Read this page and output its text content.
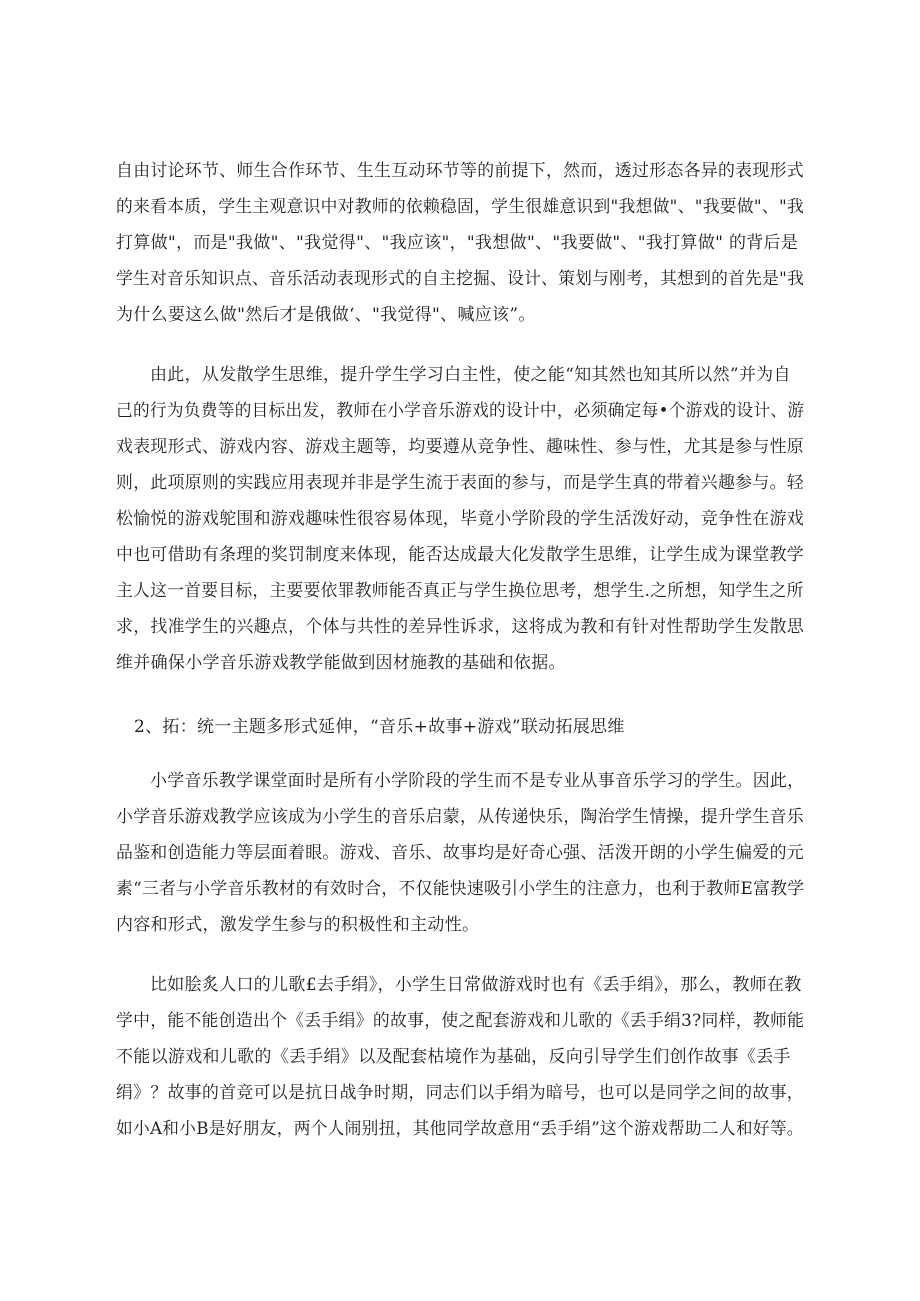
自由讨论环节、师生合作环节、生生互动环节等的前提下，然而，透过形态各异的表现形式
的来看本质，学生主观意识中对教师的依赖稳固，学生很雄意识到"我想做"、"我要做"、"我
打算做"，而是"我做"、"我觉得"、"我应该"，"我想做"、"我要做"、"我打算做" 的背后是
学生对音乐知识点、音乐活动表现形式的自主挖掘、设计、策划与刚考，其想到的首先是"我
为什么要这么做"然后才是俄做‘、"我觉得"、喊应该”。
由此，从发散学生思维，提升学生学习白主性，使之能“知其然也知其所以然”并为自
己的行为负费等的目标出发，教师在小学音乐游戏的设计中，必须确定每•个游戏的设计、游
戏表现形式、游戏内容、游戏主题等，均要遵从竞争性、趣味性、参与性，尤其是参与性原
则，此项原则的实践应用表现并非是学生流于表面的参与，而是学生真的带着兴趣参与。轻
松愉悦的游戏鸵围和游戏趣味性很容易体现，毕竟小学阶段的学生活泼好动，竞争性在游戏
中也可借助有条理的奖罚制度来体现，能否达成最大化发散学生思维，让学生成为课堂教学
主人这一首要目标，主要要依罪教师能否真正与学生换位思考，想学生.之所想，知学生之所
求，找准学生的兴趣点，个体与共性的差异性诉求，这将成为教和有针对性帮助学生发散思
维并确保小学音乐游戏教学能做到因材施教的基础和依据。
2、拓：统一主题多形式延伸，“音乐+故事+游戏”联动拓展思维
小学音乐教学课堂面时是所有小学阶段的学生而不是专业从事音乐学习的学生。因此，
小学音乐游戏教学应该成为小学生的音乐启蒙，从传递快乐，陶治学生情操，提升学生音乐
品鉴和创造能力等层面着眼。游戏、音乐、故事均是好奇心强、活泼开朗的小学生偏爱的元
素“三者与小学音乐教材的有效时合，不仅能快速吸引小学生的注意力，也利于教师E富教学
内容和形式，激发学生参与的积极性和主动性。
比如脍炙人口的儿歌£去手绢》，小学生日常做游戏时也有《丢手绢》，那么，教师在教
学中，能不能创造出个《丢手绢》的故事，使之配套游戏和儿歌的《丢手绢3?同样，教师能
不能以游戏和儿歌的《丢手绢》以及配套枯境作为基础，反向引导学生们创作故事《丢手
绢》？故事的首竞可以是抗日战争时期，同志们以手绢为暗号，也可以是同学之间的故事，
如小A和小B是好朋友，两个人闹别扭，其他同学故意用“丢手绢”这个游戏帮助二人和好等。
